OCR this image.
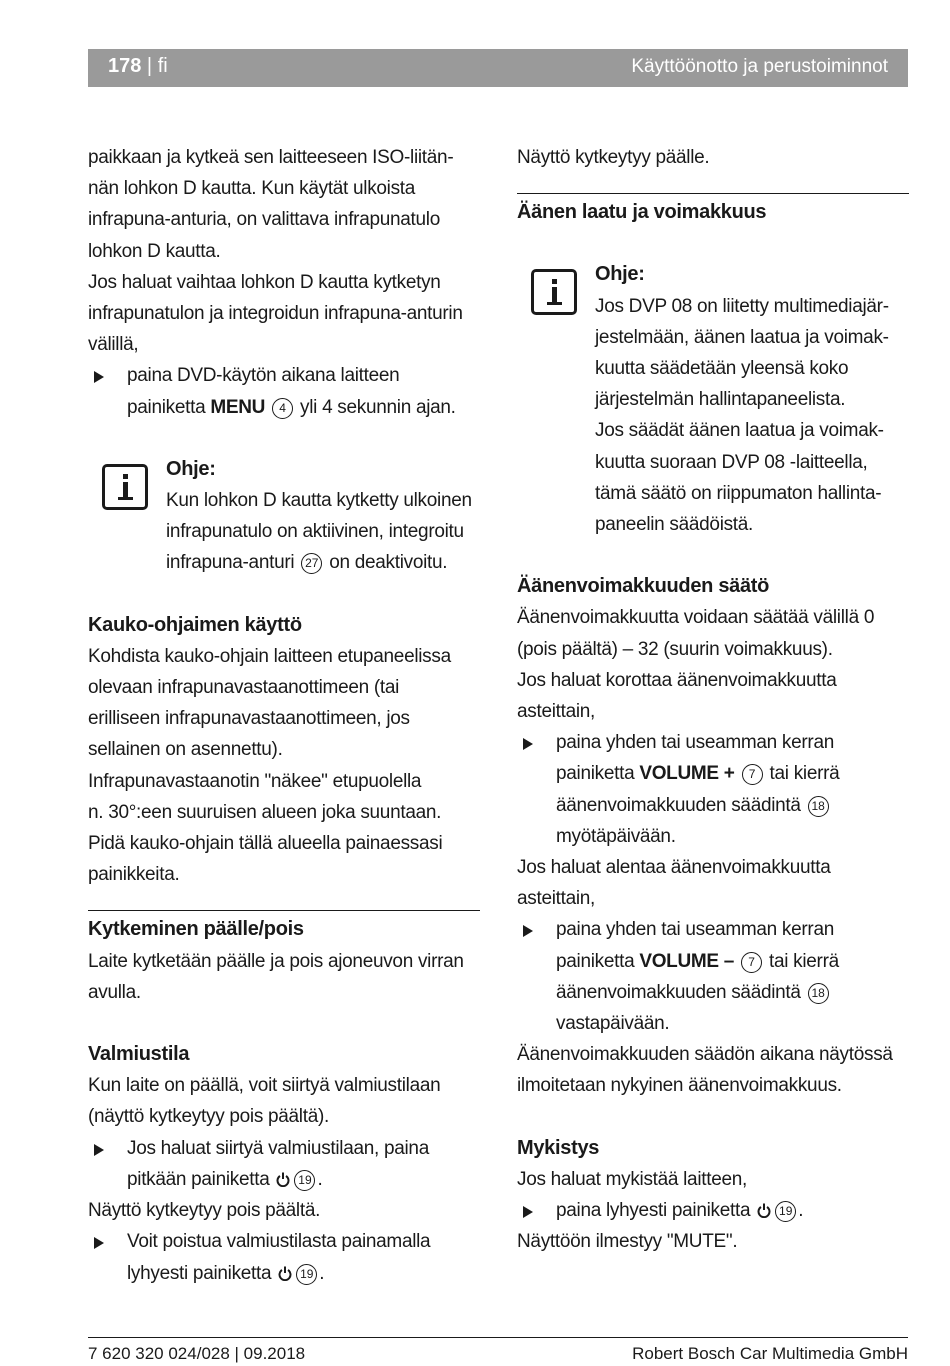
178 | fi	Käyttöönotto ja perustoiminnot

paikkaan ja kytkeä sen laitteeseen ISO-liitän-
nän lohkon D kautta. Kun käytät ulkoista
infrapuna-anturia, on valittava infrapunatulo
lohkon D kautta.

Jos haluat vaihtaa lohkon D kautta kytketyn
infrapunatulon ja integroidun infrapuna-anturin
välillä,

paina DVD-käytön aikana laitteen
painiketta MENU 4 yli 4 sekunnin ajan.

Ohje:

Kun lohkon D kautta kytketty ulkoinen
infrapunatulo on aktiivinen, integroitu
infrapuna-anturi 27 on deaktivoitu.

Kauko-ohjaimen käyttö

Kohdista kauko-ohjain laitteen etupaneelissa
olevaan infrapunavastaanottimeen (tai
erilliseen infrapunavastaanottimeen, jos
sellainen on asennettu).

Infrapunavastaanotin "näkee" etupuolella
n. 30°:een suuruisen alueen joka suuntaan.
Pidä kauko-ohjain tällä alueella painaessasi
painikkeita.

Kytkeminen päälle/pois

Laite kytketään päälle ja pois ajoneuvon virran
avulla.

Valmiustila

Kun laite on päällä, voit siirtyä valmiustilaan
(näyttö kytkeytyy pois päältä).

Jos haluat siirtyä valmiustilaan, paina
pitkään painiketta 19 .

Näyttö kytkeytyy pois päältä.

Voit poistua valmiustilasta painamalla
lyhyesti painiketta 19 .

Näyttö kytkeytyy päälle.

Äänen laatu ja voimakkuus

Ohje:

Jos DVP 08 on liitetty multimediajär-
jestelmään, äänen laatua ja voimak-
kuutta säädetään yleensä koko
järjestelmän hallintapaneelista.
Jos säädät äänen laatua ja voimak-
kuutta suoraan DVP 08 -laitteella,
tämä säätö on riippumaton hallinta-
paneelin säädöistä.

Äänenvoimakkuuden säätö

Äänenvoimakkuutta voidaan säätää välillä 0
(pois päältä) – 32 (suurin voimakkuus).
Jos haluat korottaa äänenvoimakkuutta
asteittain,

paina yhden tai useamman kerran
painiketta VOLUME + 7 tai kierrä
äänenvoimakkuuden säädintä 18
myötäpäivään.

Jos haluat alentaa äänenvoimakkuutta
asteittain,

paina yhden tai useamman kerran
painiketta VOLUME – 7 tai kierrä
äänenvoimakkuuden säädintä 18
vastapäivään.

Äänenvoimakkuuden säädön aikana näytössä
ilmoitetaan nykyinen äänenvoimakkuus.

Mykistys

Jos haluat mykistää laitteen,

paina lyhyesti painiketta 19 .

Näyttöön ilmestyy "MUTE".

7 620 320 024/028 | 09.2018	Robert Bosch Car Multimedia GmbH
